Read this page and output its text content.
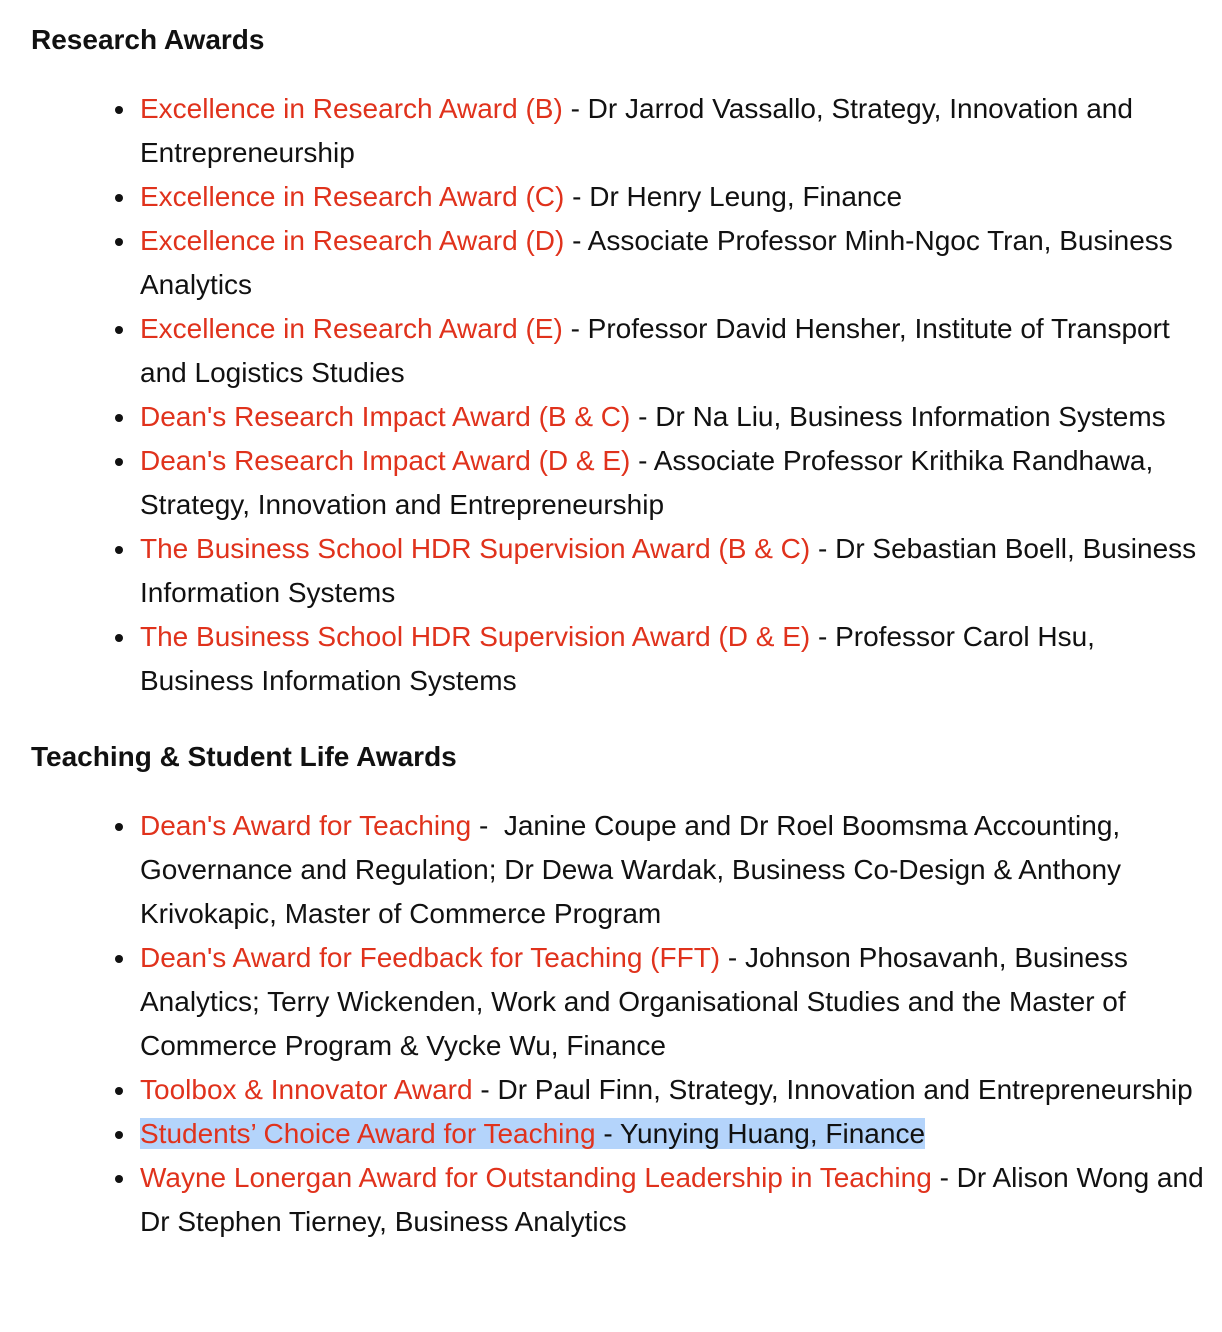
Research Awards
Excellence in Research Award (B) - Dr Jarrod Vassallo, Strategy, Innovation and Entrepreneurship
Excellence in Research Award (C) - Dr Henry Leung, Finance
Excellence in Research Award (D) - Associate Professor Minh-Ngoc Tran, Business Analytics
Excellence in Research Award (E) - Professor David Hensher, Institute of Transport and Logistics Studies
Dean's Research Impact Award (B & C) - Dr Na Liu, Business Information Systems
Dean's Research Impact Award (D & E) - Associate Professor Krithika Randhawa, Strategy, Innovation and Entrepreneurship
The Business School HDR Supervision Award (B & C) - Dr Sebastian Boell, Business Information Systems
The Business School HDR Supervision Award (D & E) - Professor Carol Hsu, Business Information Systems
Teaching & Student Life Awards
Dean's Award for Teaching -  Janine Coupe and Dr Roel Boomsma Accounting, Governance and Regulation; Dr Dewa Wardak, Business Co-Design & Anthony Krivokapic, Master of Commerce Program
Dean's Award for Feedback for Teaching (FFT) - Johnson Phosavanh, Business Analytics; Terry Wickenden, Work and Organisational Studies and the Master of Commerce Program & Vycke Wu, Finance
Toolbox & Innovator Award - Dr Paul Finn, Strategy, Innovation and Entrepreneurship
Students’ Choice Award for Teaching - Yunying Huang, Finance
Wayne Lonergan Award for Outstanding Leadership in Teaching - Dr Alison Wong and Dr Stephen Tierney, Business Analytics
